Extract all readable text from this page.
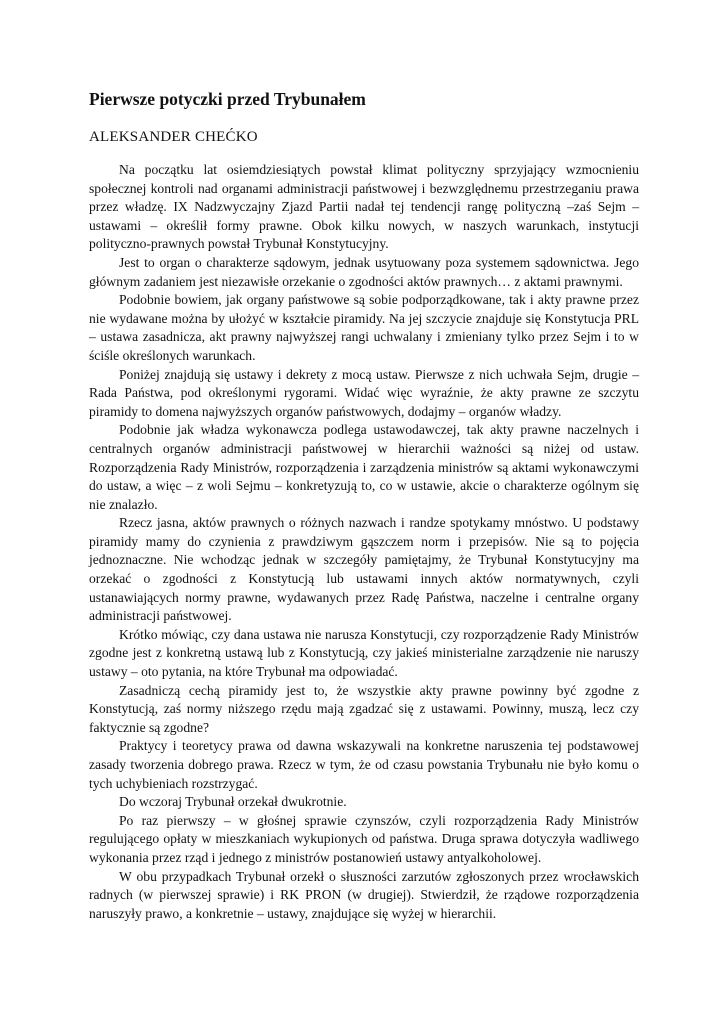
Pierwsze potyczki przed Trybunałem
ALEKSANDER CHEĆKO

Na początku lat osiemdziesiątych powstał klimat polityczny sprzyjający wzmocnieniu społecznej kontroli nad organami administracji państwowej i bezwzględnemu przestrzeganiu prawa przez władzę. IX Nadzwyczajny Zjazd Partii nadał tej tendencji rangę polityczną –zaś Sejm – ustawami – określił formy prawne. Obok kilku nowych, w naszych warunkach, instytucji polityczno-prawnych powstał Trybunał Konstytucyjny.

Jest to organ o charakterze sądowym, jednak usytuowany poza systemem sądownictwa. Jego głównym zadaniem jest niezawisłe orzekanie o zgodności aktów prawnych… z aktami prawnymi.

Podobnie bowiem, jak organy państwowe są sobie podporządkowane, tak i akty prawne przez nie wydawane można by ułożyć w kształcie piramidy. Na jej szczycie znajduje się Konstytucja PRL – ustawa zasadnicza, akt prawny najwyższej rangi uchwalany i zmieniany tylko przez Sejm i to w ściśle określonych warunkach.

Poniżej znajdują się ustawy i dekrety z mocą ustaw. Pierwsze z nich uchwała Sejm, drugie – Rada Państwa, pod określonymi rygorami. Widać więc wyraźnie, że akty prawne ze szczytu piramidy to domena najwyższych organów państwowych, dodajmy – organów władzy.

Podobnie jak władza wykonawcza podlega ustawodawczej, tak akty prawne naczelnych i centralnych organów administracji państwowej w hierarchii ważności są niżej od ustaw. Rozporządzenia Rady Ministrów, rozporządzenia i zarządzenia ministrów są aktami wykonawczymi do ustaw, a więc – z woli Sejmu – konkretyzują to, co w ustawie, akcie o charakterze ogólnym się nie znalazło.

Rzecz jasna, aktów prawnych o różnych nazwach i randze spotykamy mnóstwo. U podstawy piramidy mamy do czynienia z prawdziwym gąszczem norm i przepisów. Nie są to pojęcia jednoznaczne. Nie wchodząc jednak w szczegóły pamiętajmy, że Trybunał Konstytucyjny ma orzekać o zgodności z Konstytucją lub ustawami innych aktów normatywnych, czyli ustanawiających normy prawne, wydawanych przez Radę Państwa, naczelne i centralne organy administracji państwowej.

Krótko mówiąc, czy dana ustawa nie narusza Konstytucji, czy rozporządzenie Rady Ministrów zgodne jest z konkretną ustawą lub z Konstytucją, czy jakieś ministerialne zarządzenie nie naruszy ustawy – oto pytania, na które Trybunał ma odpowiadać.

Zasadniczą cechą piramidy jest to, że wszystkie akty prawne powinny być zgodne z Konstytucją, zaś normy niższego rzędu mają zgadzać się z ustawami. Powinny, muszą, lecz czy faktycznie są zgodne?

Praktycy i teoretycy prawa od dawna wskazywali na konkretne naruszenia tej podstawowej zasady tworzenia dobrego prawa. Rzecz w tym, że od czasu powstania Trybunału nie było komu o tych uchybieniach rozstrzygać.

Do wczoraj Trybunał orzekał dwukrotnie.

Po raz pierwszy – w głośnej sprawie czynszów, czyli rozporządzenia Rady Ministrów regulującego opłaty w mieszkaniach wykupionych od państwa. Druga sprawa dotyczyła wadliwego wykonania przez rząd i jednego z ministrów postanowień ustawy antyalkoholowej.

W obu przypadkach Trybunał orzekł o słuszności zarzutów zgłoszonych przez wrocławskich radnych (w pierwszej sprawie) i RK PRON (w drugiej). Stwierdził, że rządowe rozporządzenia naruszyły prawo, a konkretnie – ustawy, znajdujące się wyżej w hierarchii.
